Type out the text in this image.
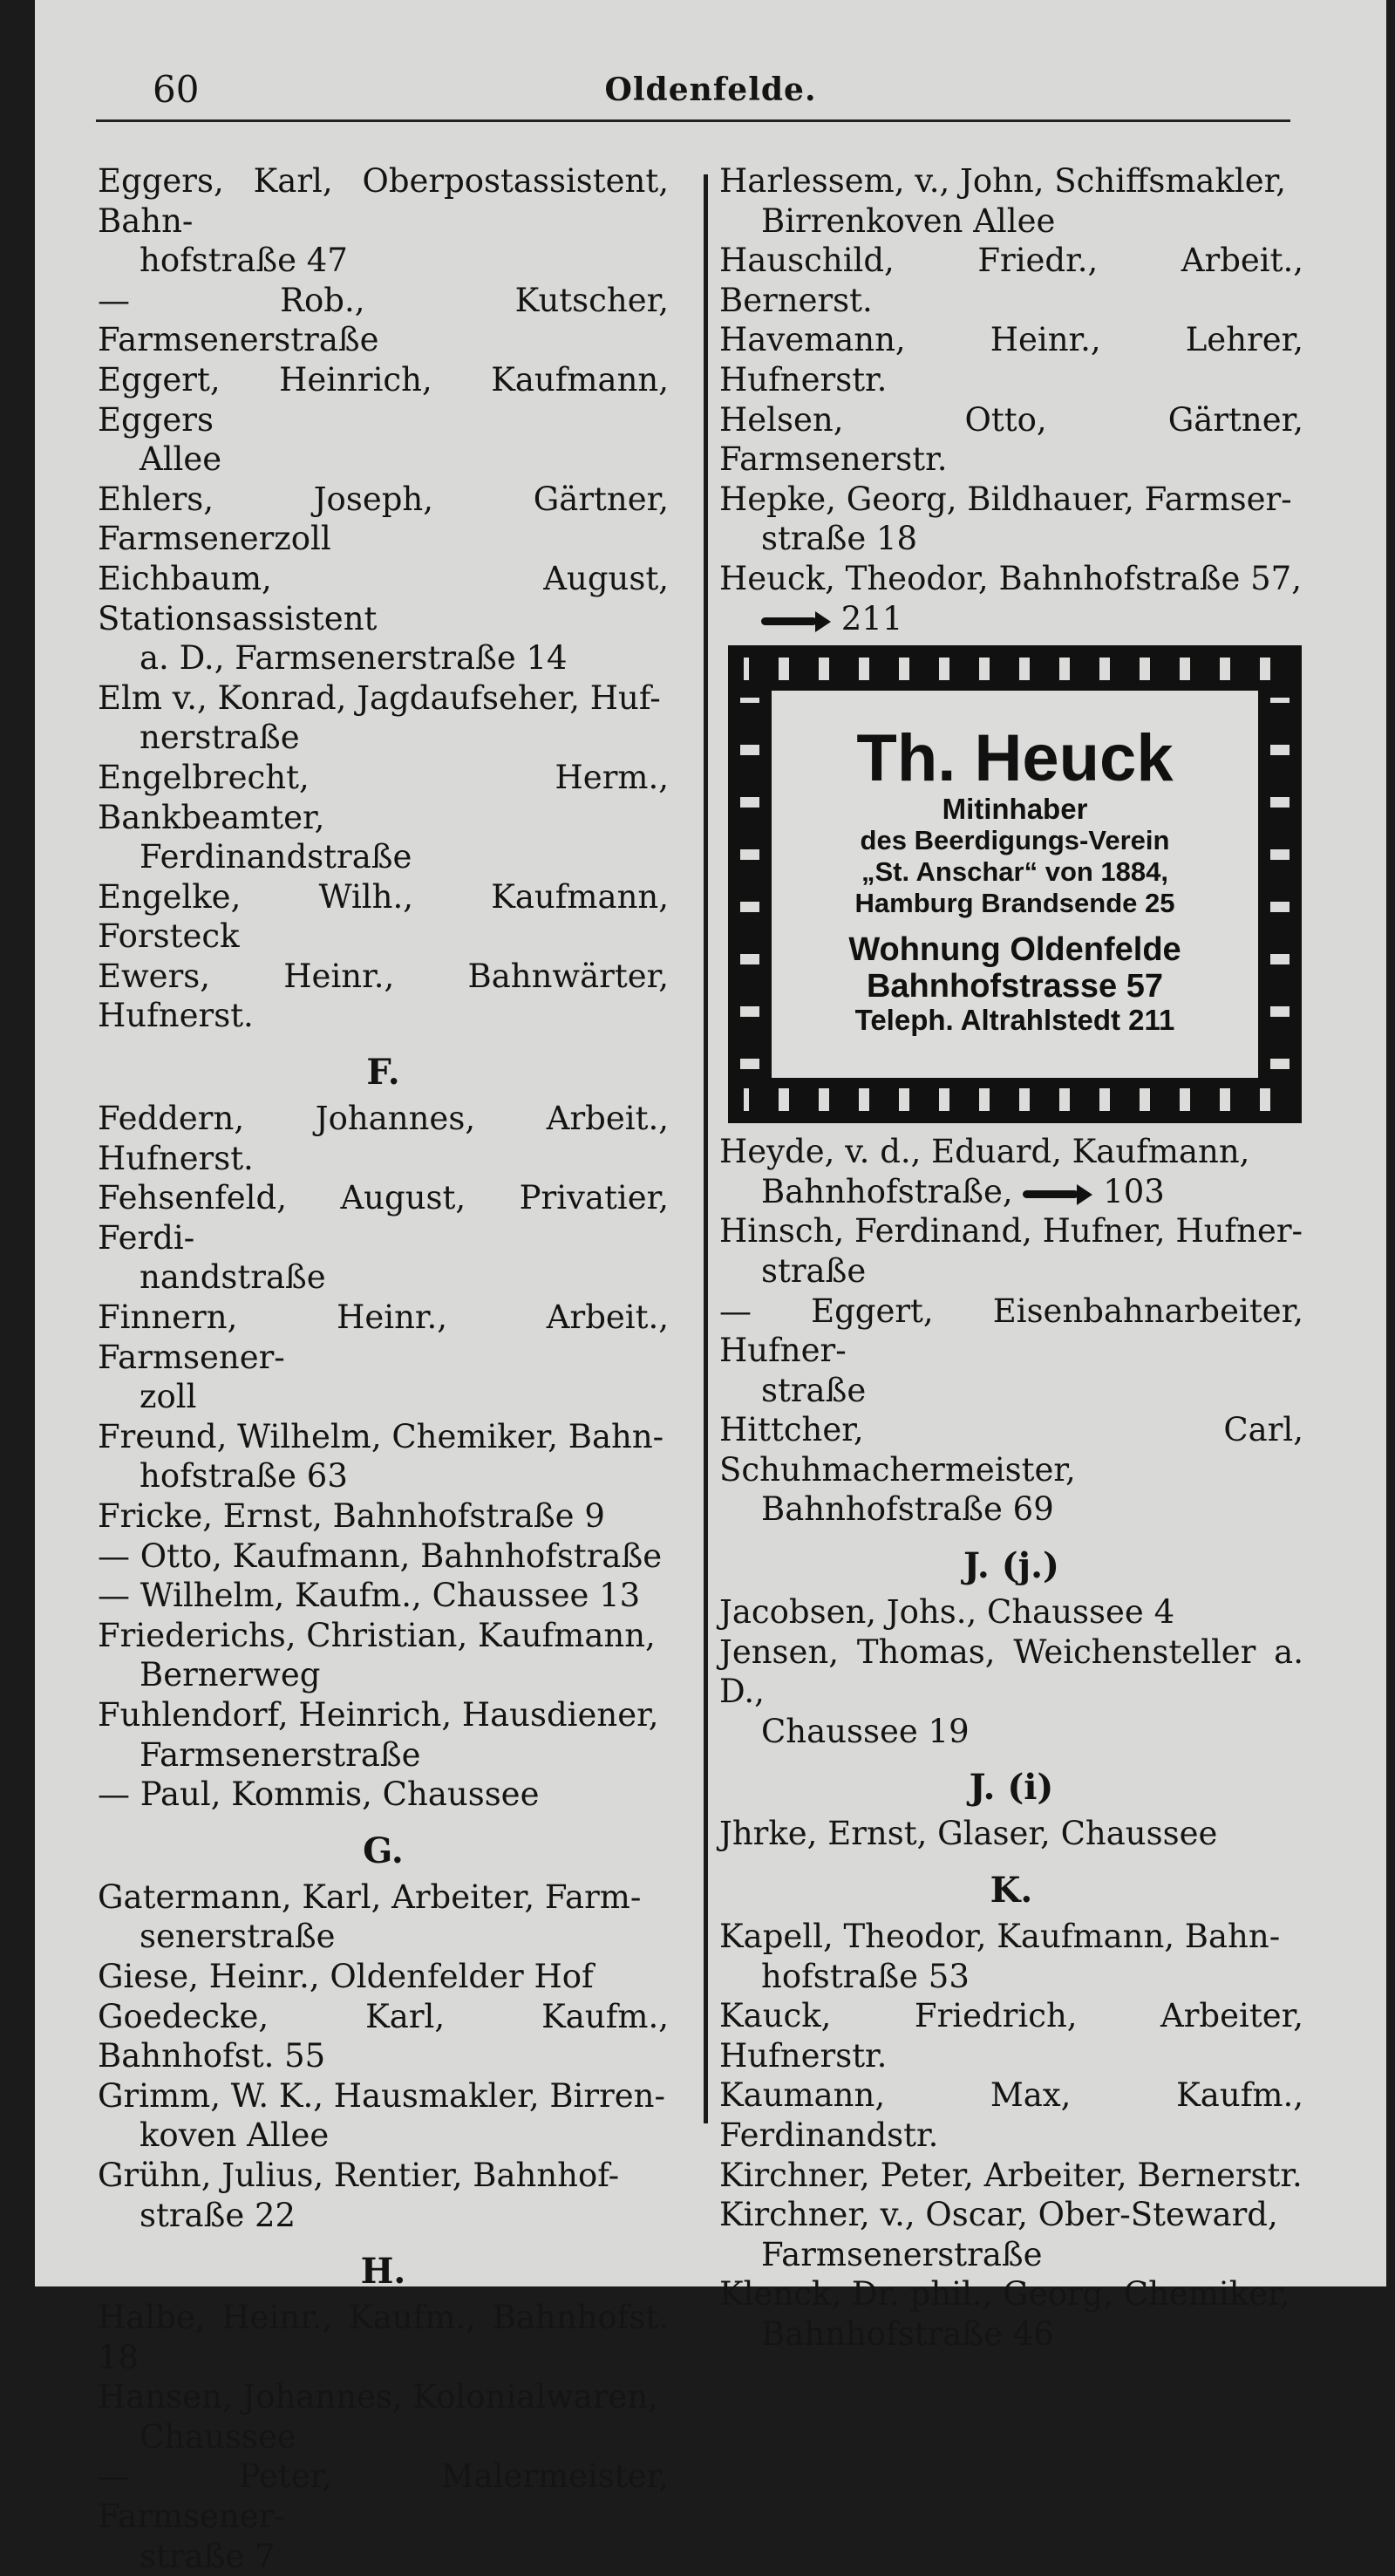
60	Oldenfelde.
Eggers, Karl, Oberpostassistent, Bahn-
hofstraße 47
— Rob., Kutscher, Farmsenerstraße
Eggert, Heinrich, Kaufmann, Eggers
Allee
Ehlers, Joseph, Gärtner, Farmsenerzoll
Eichbaum, August, Stationsassistent
a. D., Farmsenerstraße 14
Elm v., Konrad, Jagdaufseher, Huf-
nerstraße
Engelbrecht, Herm., Bankbeamter,
Ferdinandstraße
Engelke, Wilh., Kaufmann, Forsteck
Ewers, Heinr., Bahnwärter, Hufnerst.
F.
Feddern, Johannes, Arbeit., Hufnerst.
Fehsenfeld, August, Privatier, Ferdi-
nandstraße
Finnern, Heinr., Arbeit., Farmsener-
zoll
Freund, Wilhelm, Chemiker, Bahn-
hofstraße 63
Fricke, Ernst, Bahnhofstraße 9
— Otto, Kaufmann, Bahnhofstraße
— Wilhelm, Kaufm., Chaussee 13
Friederichs, Christian, Kaufmann,
Bernerweg
Fuhlendorf, Heinrich, Hausdiener,
Farmsenerstraße
— Paul, Kommis, Chaussee
G.
Gatermann, Karl, Arbeiter, Farm-
senerstraße
Giese, Heinr., Oldenfelder Hof
Goedecke, Karl, Kaufm., Bahnhofst. 55
Grimm, W. K., Hausmakler, Birren-
koven Allee
Grühn, Julius, Rentier, Bahnhof-
straße 22
H.
Halbe, Heinr., Kaufm., Bahnhofst. 18
Hansen, Johannes, Kolonialwaren,
Chaussee
— Peter, Malermeister, Farmsener-
straße 7
Harlessem, v., John, Schiffsmakler,
Birrenkoven Allee
Hauschild, Friedr., Arbeit., Bernerst.
Havemann, Heinr., Lehrer, Hufnerstr.
Helsen, Otto, Gärtner, Farmsenerstr.
Hepke, Georg, Bildhauer, Farmser-
straße 18
Heuck, Theodor, Bahnhofstraße 57,
211
Th. Heuck
Mitinhaber
des Beerdigungs-Verein
„St. Anschar“ von 1884,
Hamburg Brandsende 25
Wohnung Oldenfelde
Bahnhofstrasse 57
Teleph. Altrahlstedt 211
Heyde, v. d., Eduard, Kaufmann,
Bahnhofstraße,  103
Hinsch, Ferdinand, Hufner, Hufner-
straße
— Eggert, Eisenbahnarbeiter, Hufner-
straße
Hittcher, Carl, Schuhmachermeister,
Bahnhofstraße 69
J. (j.)
Jacobsen, Johs., Chaussee 4
Jensen, Thomas, Weichensteller a. D.,
Chaussee 19
J. (i)
Jhrke, Ernst, Glaser, Chaussee
K.
Kapell, Theodor, Kaufmann, Bahn-
hofstraße 53
Kauck, Friedrich, Arbeiter, Hufnerstr.
Kaumann, Max, Kaufm., Ferdinandstr.
Kirchner, Peter, Arbeiter, Bernerstr.
Kirchner, v., Oscar, Ober-Steward,
Farmsenerstraße
Klenck, Dr. phil., Georg, Chemiker,
Bahnhofstraße 46
